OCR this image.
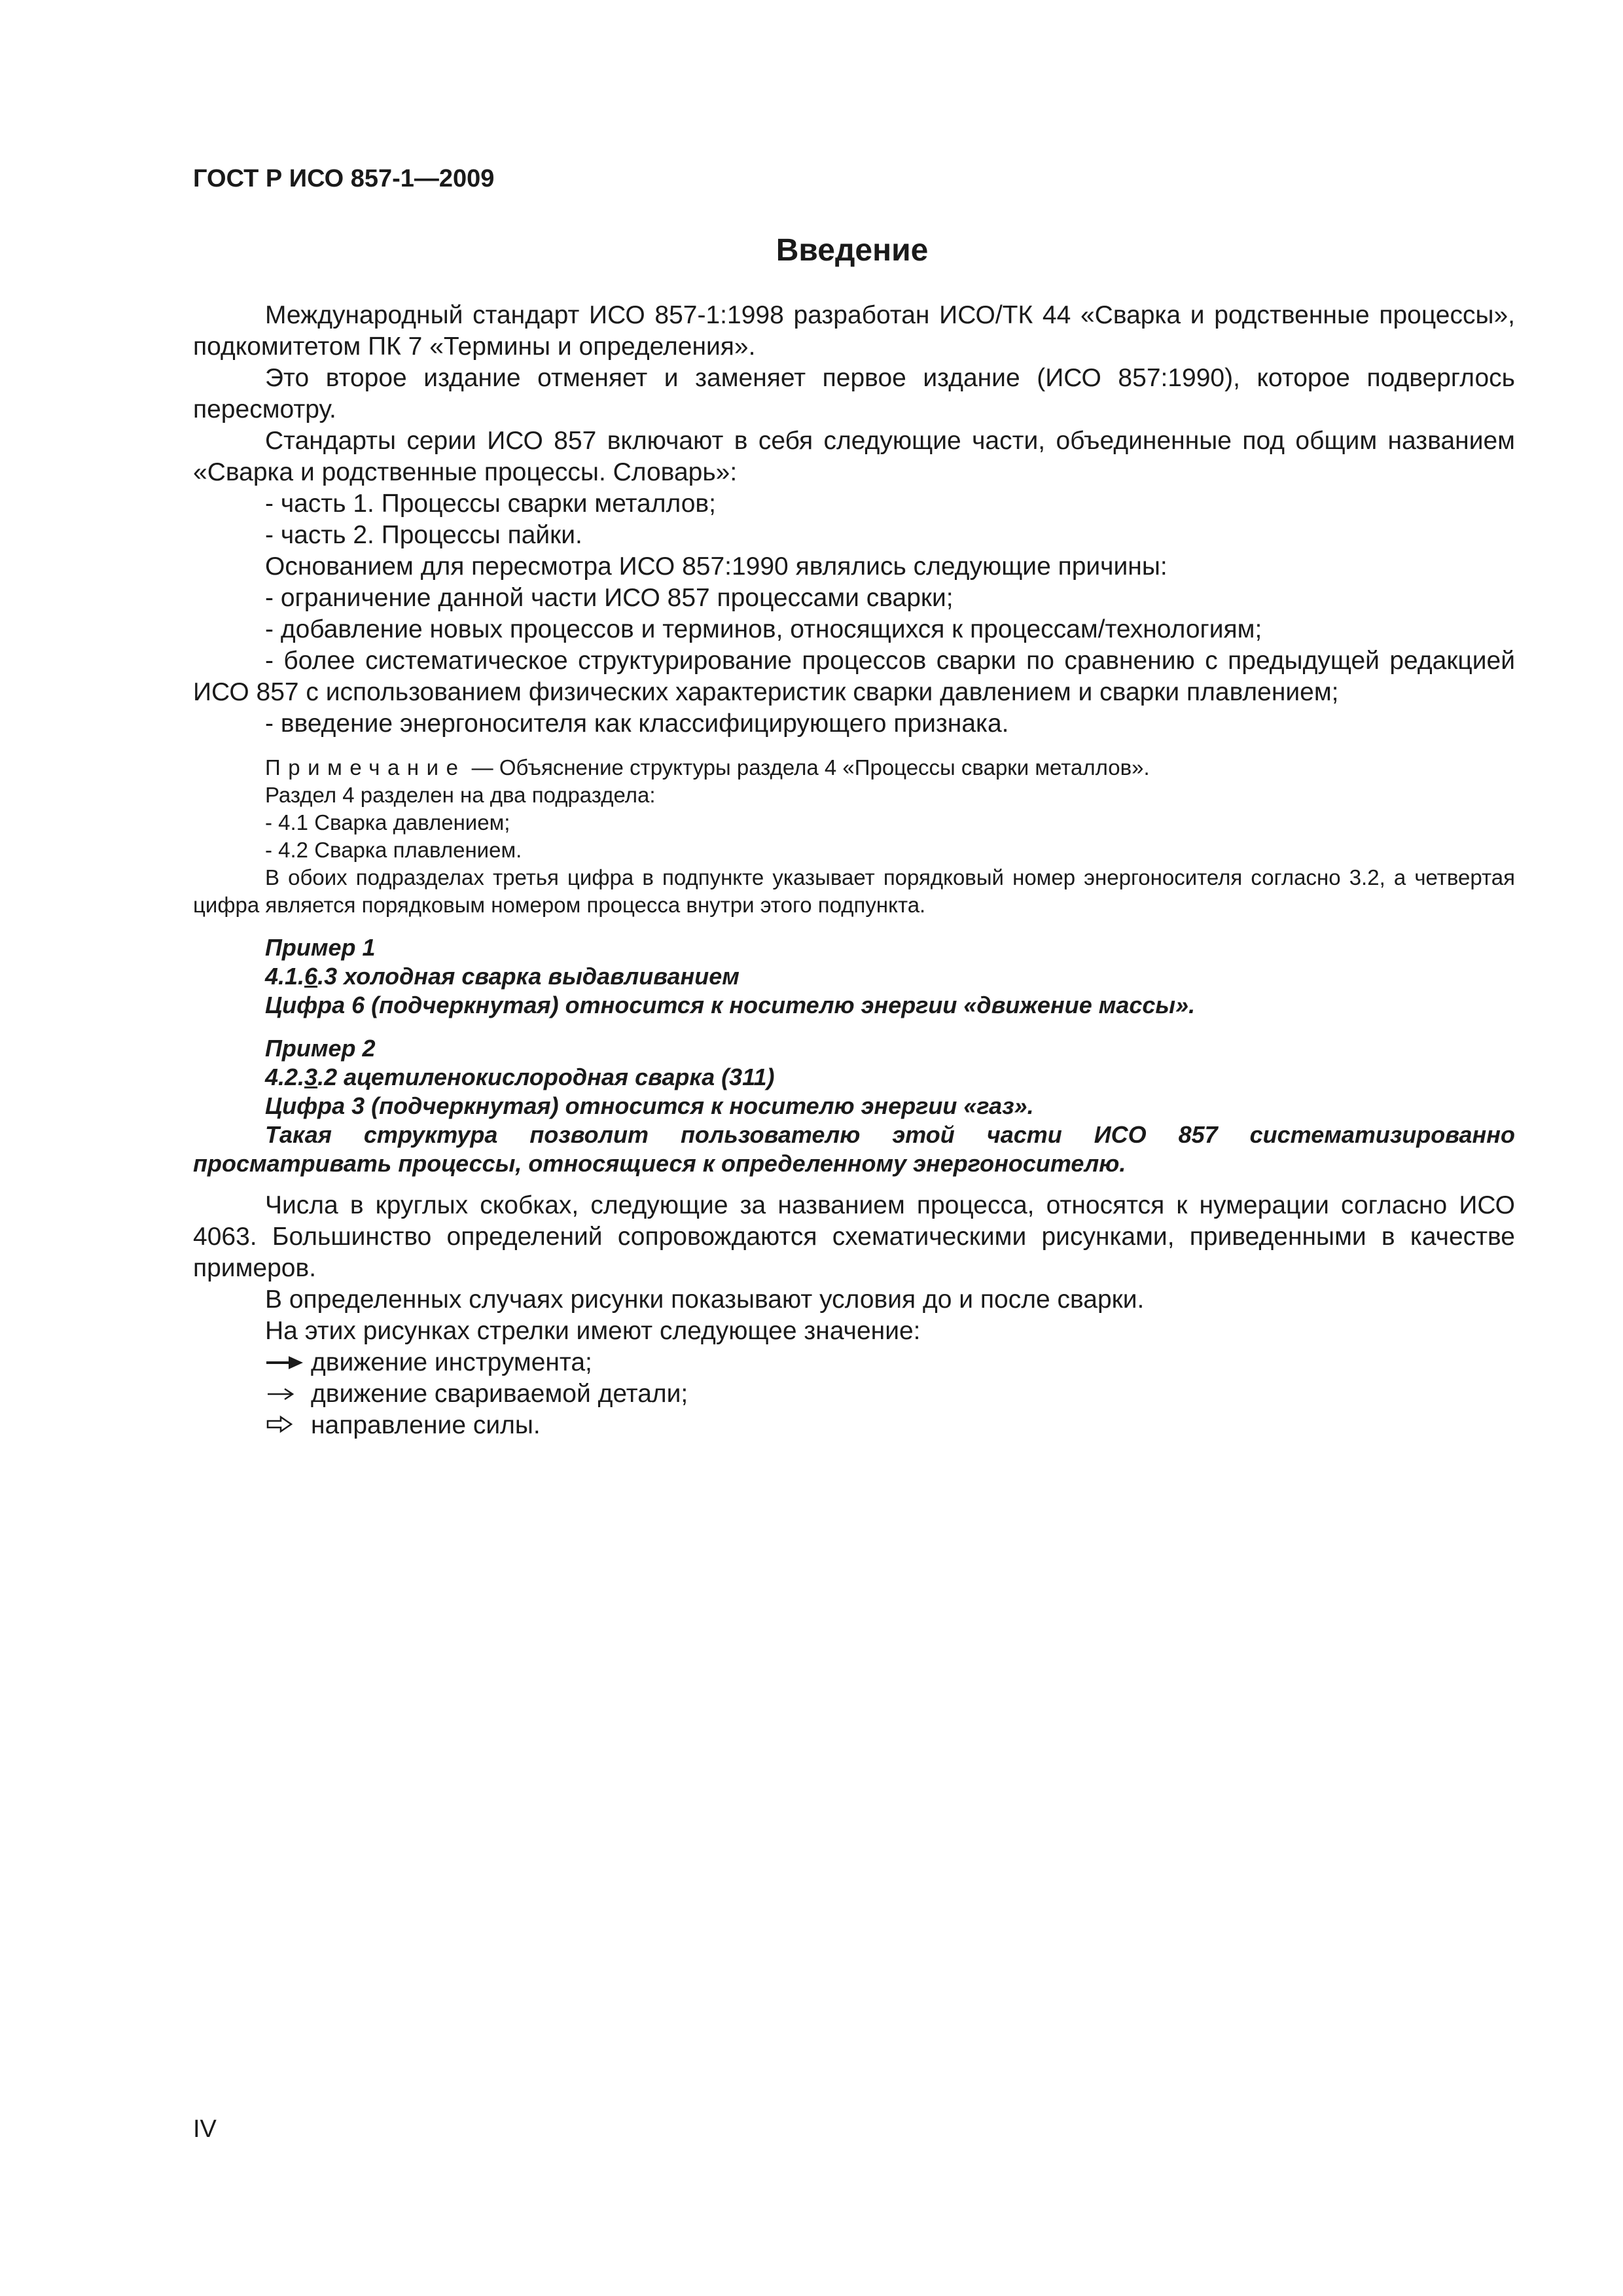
ГОСТ Р ИСО 857-1—2009
Введение

Международный стандарт ИСО 857-1:1998 разработан ИСО/ТК 44 «Сварка и родственные процессы», подкомитетом ПК 7 «Термины и определения».

Это второе издание отменяет и заменяет первое издание (ИСО 857:1990), которое подверглось пересмотру.

Стандарты серии ИСО 857 включают в себя следующие части, объединенные под общим названием «Сварка и родственные процессы. Словарь»:

- часть 1. Процессы сварки металлов;

- часть 2. Процессы пайки.

Основанием для пересмотра ИСО 857:1990 являлись следующие причины:

- ограничение данной части ИСО 857 процессами сварки;

- добавление новых процессов и терминов, относящихся к процессам/технологиям;

- более систематическое структурирование процессов сварки по сравнению с предыдущей редакцией ИСО 857 с использованием физических характеристик сварки давлением и сварки плавлением;

- введение энергоносителя как классифицирующего признака.

Примечание — Объяснение структуры раздела 4 «Процессы сварки металлов».

Раздел 4 разделен на два подраздела:

- 4.1 Сварка давлением;

- 4.2 Сварка плавлением.

В обоих подразделах третья цифра в подпункте указывает порядковый номер энергоносителя согласно 3.2, а четвертая цифра является порядковым номером процесса внутри этого подпункта.

Пример 1

4.1.6.3 холодная сварка выдавливанием

Цифра 6 (подчеркнутая) относится к носителю энергии «движение массы».

Пример 2

4.2.3.2 ацетиленокислородная сварка (311)

Цифра 3 (подчеркнутая) относится к носителю энергии «газ».

Такая структура позволит пользователю этой части ИСО 857 систематизированно просматривать процессы, относящиеся к определенному энергоносителю.

Числа в круглых скобках, следующие за названием процесса, относятся к нумерации согласно ИСО 4063. Большинство определений сопровождаются схематическими рисунками, приведенными в качестве примеров.

В определенных случаях рисунки показывают условия до и после сварки.

На этих рисунках стрелки имеют следующее значение:

движение инструмента;

движение свариваемой детали;

направление силы.

IV
